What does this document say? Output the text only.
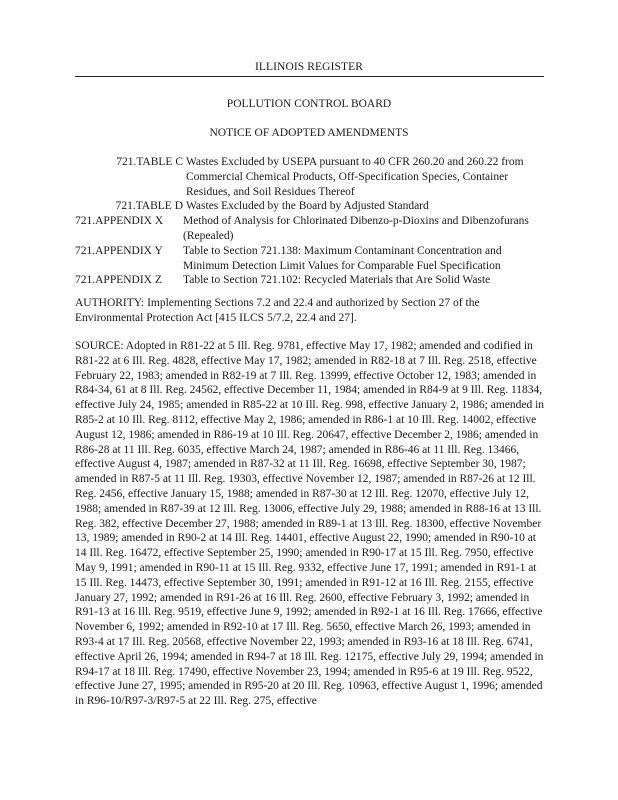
ILLINOIS REGISTER
POLLUTION CONTROL BOARD
NOTICE OF ADOPTED AMENDMENTS
721.TABLE C Wastes Excluded by USEPA pursuant to 40 CFR 260.20 and 260.22 from Commercial Chemical Products, Off-Specification Species, Container Residues, and Soil Residues Thereof
721.TABLE D Wastes Excluded by the Board by Adjusted Standard
721.APPENDIX X	Method of Analysis for Chlorinated Dibenzo-p-Dioxins and Dibenzofurans (Repealed)
721.APPENDIX Y	Table to Section 721.138: Maximum Contaminant Concentration and Minimum Detection Limit Values for Comparable Fuel Specification
721.APPENDIX Z	Table to Section 721.102: Recycled Materials that Are Solid Waste
AUTHORITY: Implementing Sections 7.2 and 22.4 and authorized by Section 27 of the Environmental Protection Act [415 ILCS 5/7.2, 22.4 and 27].
SOURCE: Adopted in R81-22 at 5 Ill. Reg. 9781, effective May 17, 1982; amended and codified in R81-22 at 6 Ill. Reg. 4828, effective May 17, 1982; amended in R82-18 at 7 Ill. Reg. 2518, effective February 22, 1983; amended in R82-19 at 7 Ill. Reg. 13999, effective October 12, 1983; amended in R84-34, 61 at 8 Ill. Reg. 24562, effective December 11, 1984; amended in R84-9 at 9 Ill. Reg. 11834, effective July 24, 1985; amended in R85-22 at 10 Ill. Reg. 998, effective January 2, 1986; amended in R85-2 at 10 Ill. Reg. 8112, effective May 2, 1986; amended in R86-1 at 10 Ill. Reg. 14002, effective August 12, 1986; amended in R86-19 at 10 Ill. Reg. 20647, effective December 2, 1986; amended in R86-28 at 11 Ill. Reg. 6035, effective March 24, 1987; amended in R86-46 at 11 Ill. Reg. 13466, effective August 4, 1987; amended in R87-32 at 11 Ill. Reg. 16698, effective September 30, 1987; amended in R87-5 at 11 Ill. Reg. 19303, effective November 12, 1987; amended in R87-26 at 12 Ill. Reg. 2456, effective January 15, 1988; amended in R87-30 at 12 Ill. Reg. 12070, effective July 12, 1988; amended in R87-39 at 12 Ill. Reg. 13006, effective July 29, 1988; amended in R88-16 at 13 Ill. Reg. 382, effective December 27, 1988; amended in R89-1 at 13 Ill. Reg. 18300, effective November 13, 1989; amended in R90-2 at 14 Ill. Reg. 14401, effective August 22, 1990; amended in R90-10 at 14 Ill. Reg. 16472, effective September 25, 1990; amended in R90-17 at 15 Ill. Reg. 7950, effective May 9, 1991; amended in R90-11 at 15 Ill. Reg. 9332, effective June 17, 1991; amended in R91-1 at 15 Ill. Reg. 14473, effective September 30, 1991; amended in R91-12 at 16 Ill. Reg. 2155, effective January 27, 1992; amended in R91-26 at 16 Ill. Reg. 2600, effective February 3, 1992; amended in R91-13 at 16 Ill. Reg. 9519, effective June 9, 1992; amended in R92-1 at 16 Ill. Reg. 17666, effective November 6, 1992; amended in R92-10 at 17 Ill. Reg. 5650, effective March 26, 1993; amended in R93-4 at 17 Ill. Reg. 20568, effective November 22, 1993; amended in R93-16 at 18 Ill. Reg. 6741, effective April 26, 1994; amended in R94-7 at 18 Ill. Reg. 12175, effective July 29, 1994; amended in R94-17 at 18 Ill. Reg. 17490, effective November 23, 1994; amended in R95-6 at 19 Ill. Reg. 9522, effective June 27, 1995; amended in R95-20 at 20 Ill. Reg. 10963, effective August 1, 1996; amended in R96-10/R97-3/R97-5 at 22 Ill. Reg. 275, effective
